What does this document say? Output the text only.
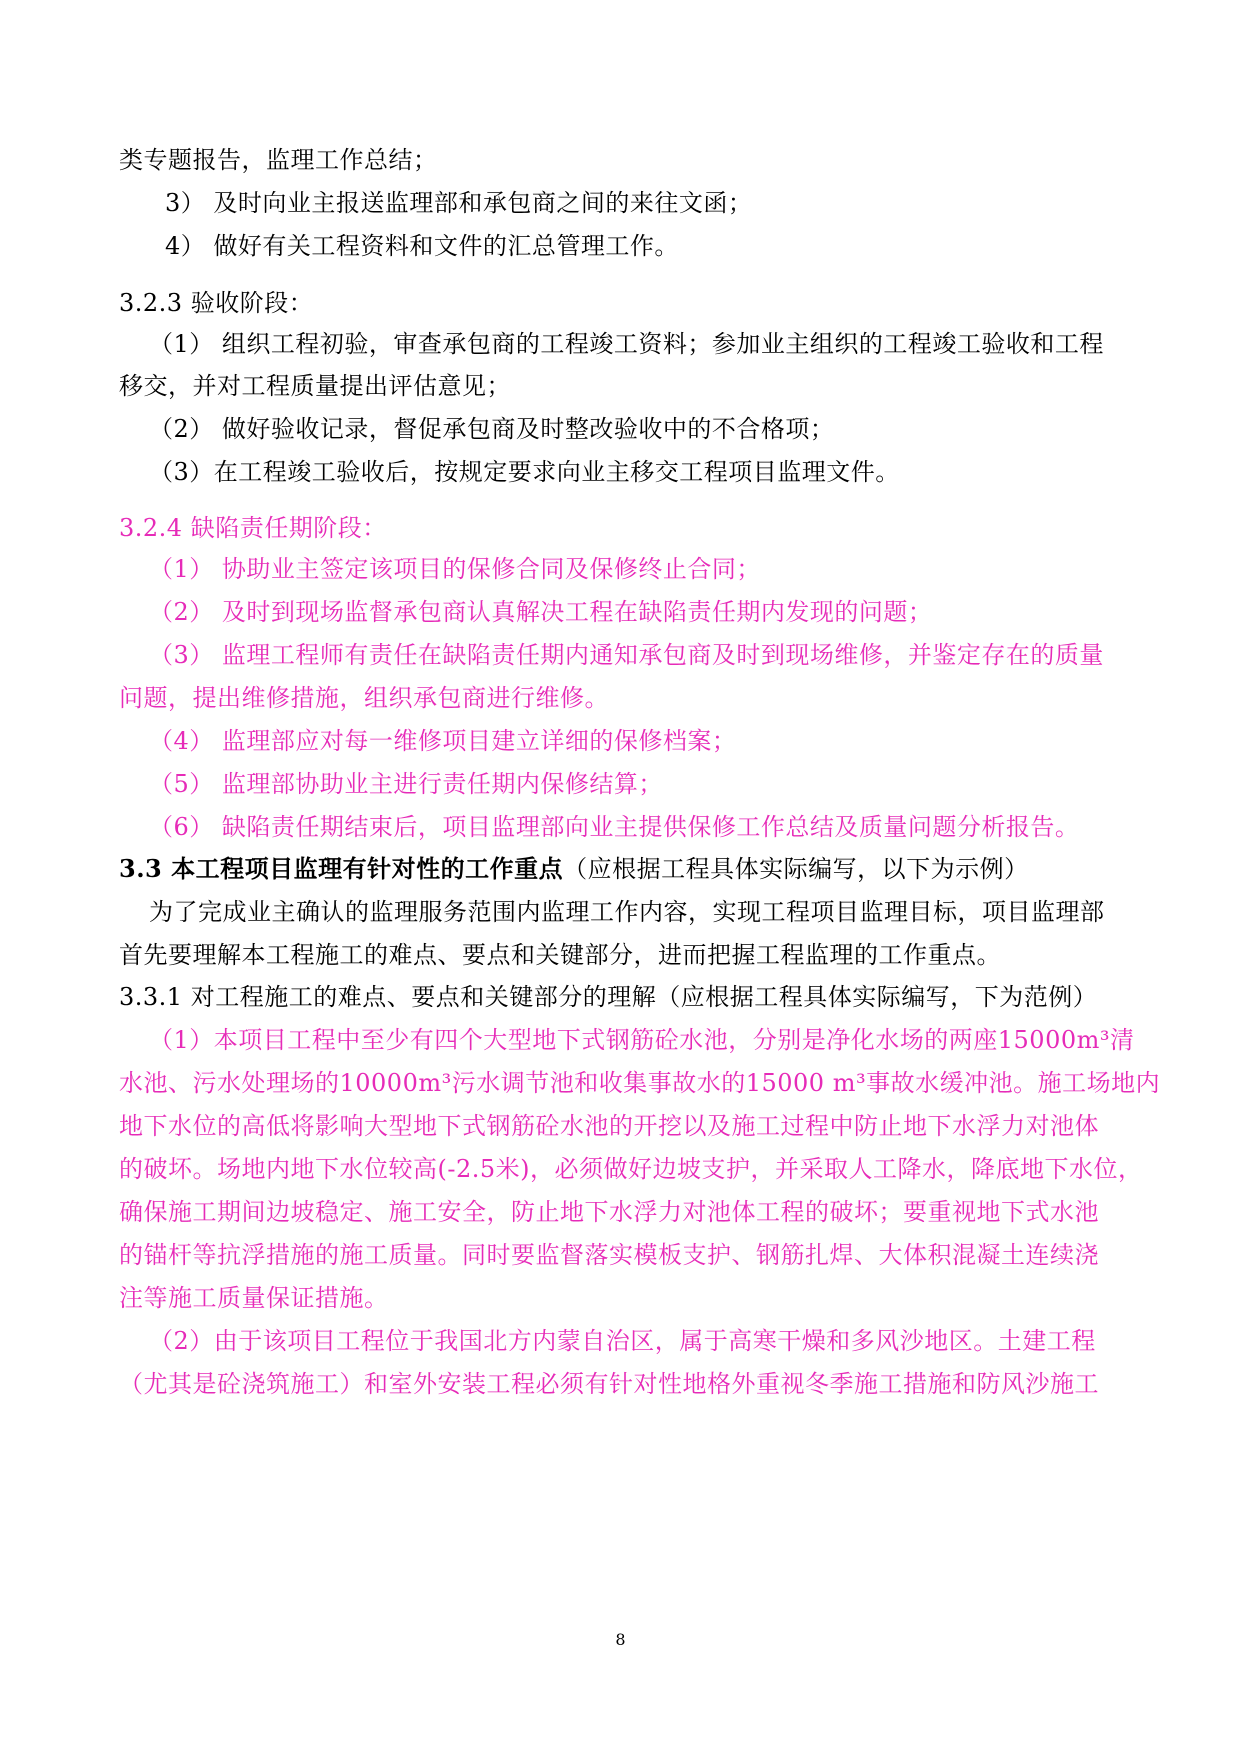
类专题报告，监理工作总结；
3） 及时向业主报送监理部和承包商之间的来往文函；
4） 做好有关工程资料和文件的汇总管理工作。
3.2.3 验收阶段：
（1） 组织工程初验，审查承包商的工程竣工资料；参加业主组织的工程竣工验收和工程
移交，并对工程质量提出评估意见；
（2） 做好验收记录，督促承包商及时整改验收中的不合格项；
（3）在工程竣工验收后，按规定要求向业主移交工程项目监理文件。
3.2.4 缺陷责任期阶段：
（1） 协助业主签定该项目的保修合同及保修终止合同；
（2） 及时到现场监督承包商认真解决工程在缺陷责任期内发现的问题；
（3） 监理工程师有责任在缺陷责任期内通知承包商及时到现场维修，并鉴定存在的质量
问题，提出维修措施，组织承包商进行维修。
（4） 监理部应对每一维修项目建立详细的保修档案；
（5） 监理部协助业主进行责任期内保修结算；
（6） 缺陷责任期结束后，项目监理部向业主提供保修工作总结及质量问题分析报告。
3.3 本工程项目监理有针对性的工作重点（应根据工程具体实际编写，以下为示例）
为了完成业主确认的监理服务范围内监理工作内容，实现工程项目监理目标，项目监理部
首先要理解本工程施工的难点、要点和关键部分，进而把握工程监理的工作重点。
3.3.1 对工程施工的难点、要点和关键部分的理解（应根据工程具体实际编写，下为范例）
（1）本项目工程中至少有四个大型地下式钢筋砼水池，分别是净化水场的两座15000m³清
水池、污水处理场的10000m³污水调节池和收集事故水的15000 m³事故水缓冲池。施工场地内
地下水位的高低将影响大型地下式钢筋砼水池的开挖以及施工过程中防止地下水浮力对池体
的破坏。场地内地下水位较高(-2.5米)，必须做好边坡支护，并采取人工降水，降底地下水位，
确保施工期间边坡稳定、施工安全，防止地下水浮力对池体工程的破坏；要重视地下式水池
的锚杆等抗浮措施的施工质量。同时要监督落实模板支护、钢筋扎焊、大体积混凝土连续浇
注等施工质量保证措施。
（2）由于该项目工程位于我国北方内蒙自治区，属于高寒干燥和多风沙地区。土建工程
（尤其是砼浇筑施工）和室外安装工程必须有针对性地格外重视冬季施工措施和防风沙施工
8
